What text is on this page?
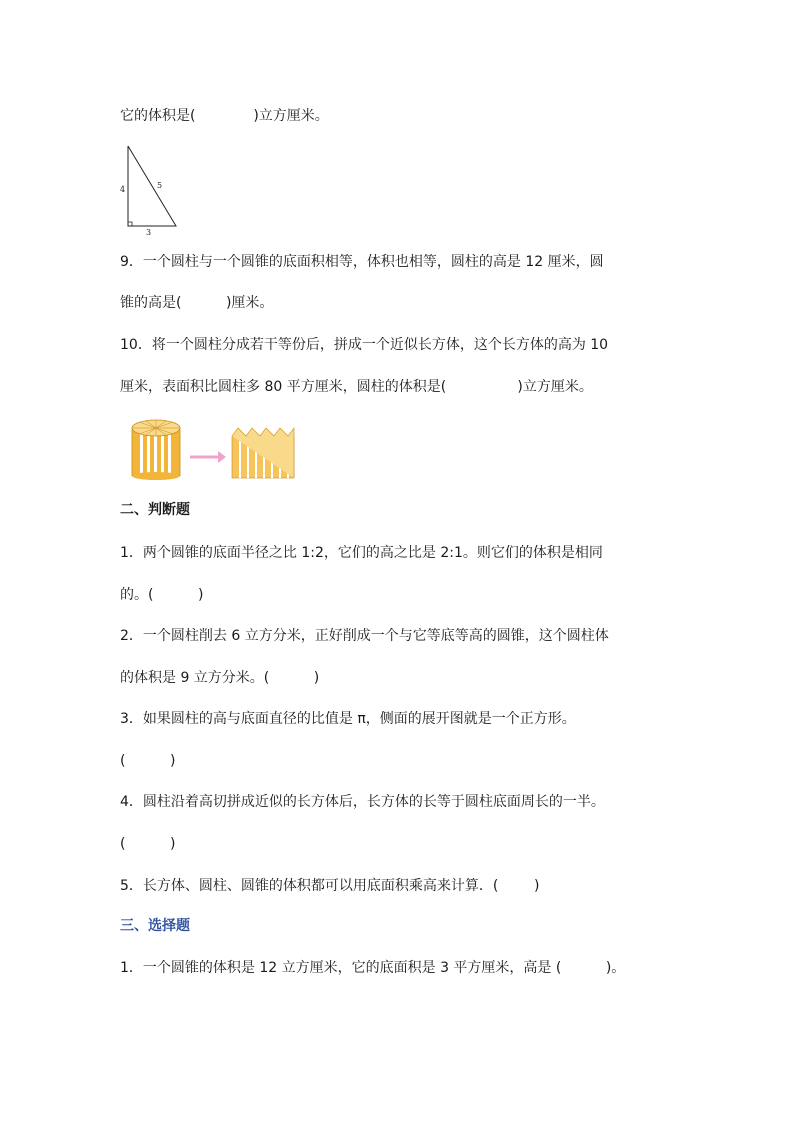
它的体积是(             )立方厘米。
4	5
3
9．一个圆柱与一个圆锥的底面积相等，体积也相等，圆柱的高是 12 厘米，圆
锥的高是(          )厘米。
10．将一个圆柱分成若干等份后，拼成一个近似长方体，这个长方体的高为 10
厘米，表面积比圆柱多 80 平方厘米，圆柱的体积是(                )立方厘米。
二、判断题
1．两个圆锥的底面半径之比 1:2，它们的高之比是 2:1。则它们的体积是相同
的。(          )
2．一个圆柱削去 6 立方分米，正好削成一个与它等底等高的圆锥，这个圆柱体
的体积是 9 立方分米。(          )
3．如果圆柱的高与底面直径的比值是 π，侧面的展开图就是一个正方形。
(          )
4．圆柱沿着高切拼成近似的长方体后，长方体的长等于圆柱底面周长的一半。
(          )
5．长方体、圆柱、圆锥的体积都可以用底面积乘高来计算．(        )
三、选择题
1．一个圆锥的体积是 12 立方厘米，它的底面积是 3 平方厘米，高是 (          )。
